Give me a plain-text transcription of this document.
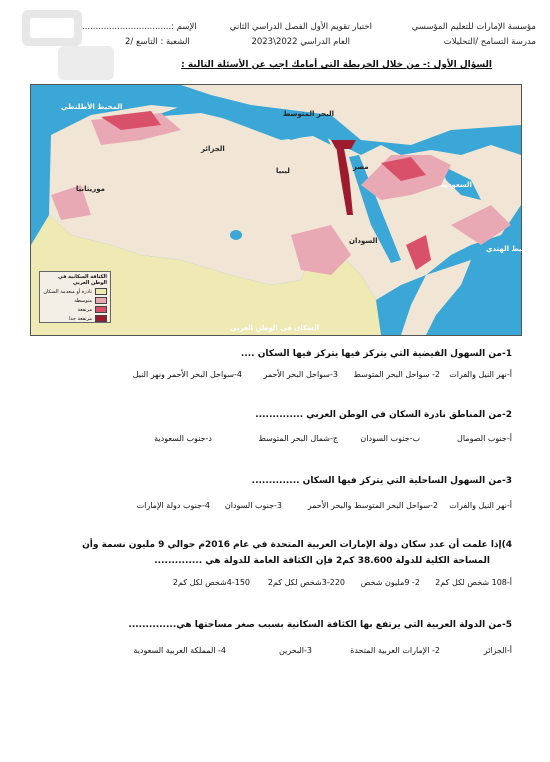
مؤسسة الإمارات للتعليم المؤسسي
مدرسة التسامح /التحليلات
اختبار تقويم الأول الفصل الدراسي الثاني
العام الدراسي 2022\2023
الإسم :.................................
الشعبة : التاسع /2
السؤال الأول :- من خلال الخريطة التي أمامك اجب عن الأسئلة التالية :
المحيط الأطلنطي
البحر المتوسط
الجزائر
ليبيا	مصر
موريتانيا	السعودية
السودان
المحيط الهندي
الكثافة السكانية في الوطن العربي
نادرة أو منعدمة السكان
متوسطة
مرتفعة
مرتفعة جدا
السكان في الوطن العربي
1-من السهول الفيضية التي يتركز فيها يتركز فيها السكان ....
أ-نهر النيل والفرات
2- سواحل البحر المتوسط
3-سواحل البحر الأحمر
4-سواحل البحر الأحمر ونهر النيل
2-من المناطق نادرة السكان في الوطن العربي ..............
أ-جنوب الصومال
ب-جنوب السودان
ج-شمال البحر المتوسط
د-جنوب السعودية
3-من السهول الساحلية التي يتركز فيها السكان ..............
أ-نهر النيل والفرات
2-سواحل البحر المتوسط والبحر الأحمر
3-جنوب السودان
4-جنوب دولة الإمارات
4)إذا علمت أن عدد سكان دولة الإمارات العربية المتحدة في عام 2016م حوالي 9 مليون نسمة وأن
المساحة الكلية للدولة 38.600 كم2 فإن الكثافة العامة للدولة هي ..............
أ-108 شخص لكل كم2
2- 9مليون شخص
3-220شخص لكل كم2
4-150شخص لكل كم2
5-من الدولة العربية التي يرتفع بها الكثافة السكانية بسبب صغر مساحتها هي..............
أ-الجزائر
2- الإمارات العربية المتحدة
3-البحرين
4- المملكة العربية السعودية
